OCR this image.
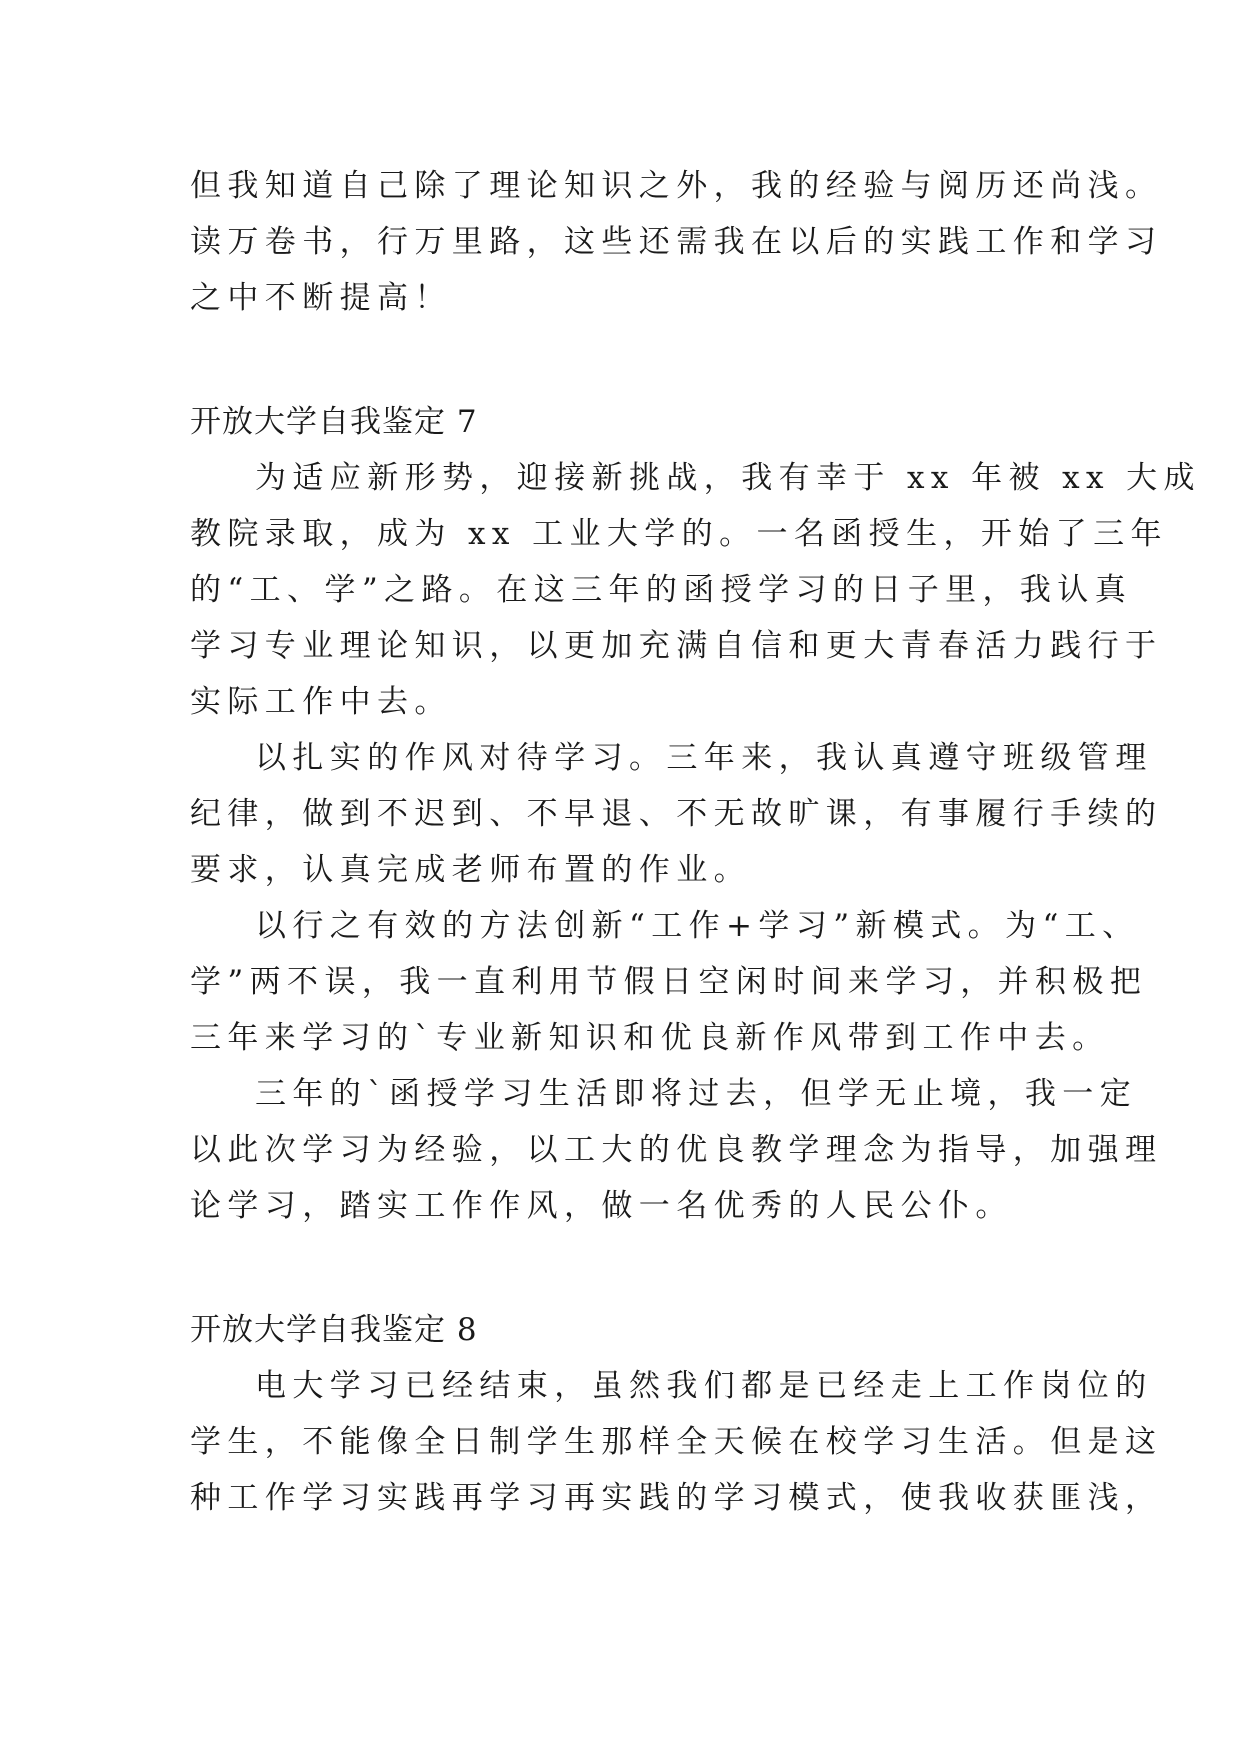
但我知道自己除了理论知识之外，我的经验与阅历还尚浅。
读万卷书，行万里路，这些还需我在以后的实践工作和学习
之中不断提高！
开放大学自我鉴定 7
为适应新形势，迎接新挑战，我有幸于 xx 年被 xx 大成
教院录取，成为 xx 工业大学的。一名函授生，开始了三年
的“工、学”之路。在这三年的函授学习的日子里，我认真
学习专业理论知识，以更加充满自信和更大青春活力践行于
实际工作中去。
以扎实的作风对待学习。三年来，我认真遵守班级管理
纪律，做到不迟到、不早退、不无故旷课，有事履行手续的
要求，认真完成老师布置的作业。
以行之有效的方法创新“工作+学习”新模式。为“工、
学”两不误，我一直利用节假日空闲时间来学习，并积极把
三年来学习的`专业新知识和优良新作风带到工作中去。
三年的`函授学习生活即将过去，但学无止境，我一定
以此次学习为经验，以工大的优良教学理念为指导，加强理
论学习，踏实工作作风，做一名优秀的人民公仆。
开放大学自我鉴定 8
电大学习已经结束，虽然我们都是已经走上工作岗位的
学生，不能像全日制学生那样全天候在校学习生活。但是这
种工作学习实践再学习再实践的学习模式，使我收获匪浅，
